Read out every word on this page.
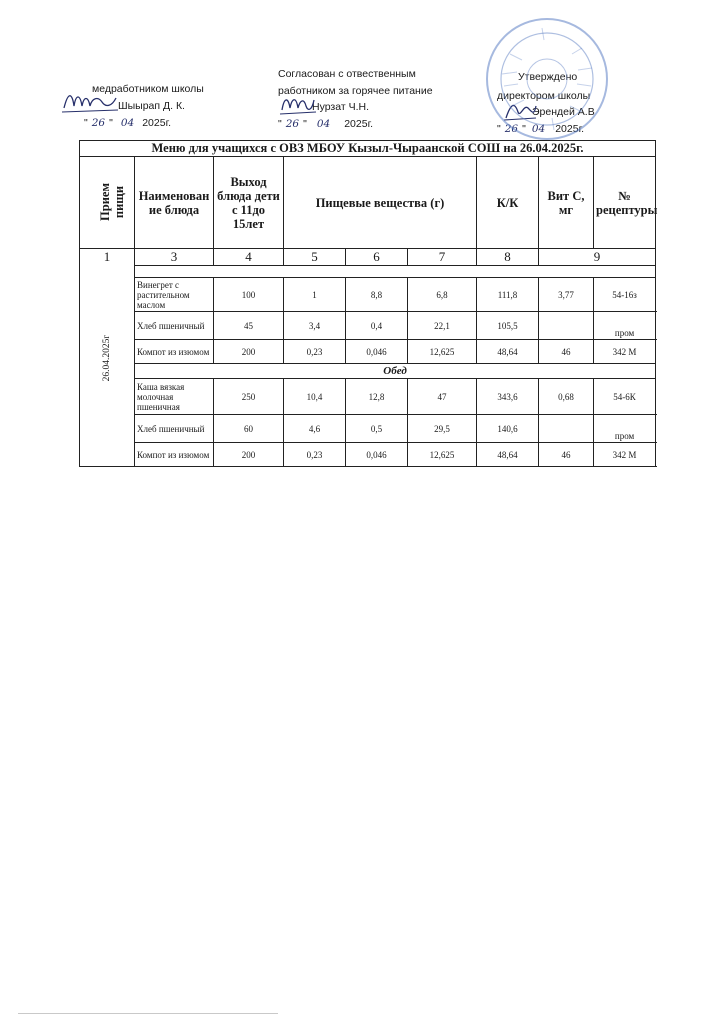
медработником школы
Шыырап Д. К.
" 26 " 04 2025г.
Согласован с отвественным
работником за горячее питание
Нурзат Ч.Н.
" 26 " 04 2025г.
Утверждено
директором школы
Эрендей А.В
" 26 " 04 2025г.
Меню для учащихся с ОВЗ МБОУ Кызыл-Чыраанской СОШ на 26.04.2025г.								
Прием пищи	Наименование блюда	Выход блюда дети с 11до 15лет	Пищевые вещества (г)			К/К	Вит С, мг	№ рецептуры

1
26.04.2025г	3	4	5	6	7	8	9	

	Винегрет с растительном маслом	100	1	8,8	6,8	111,8	3,77	54-16з
	Хлеб пшеничный	45	3,4	0,4	22,1	105,5		пром
	Компот из изюмом	200	0,23	0,046	12,625	48,64	46	342 М
	Обед							
	Каша вязкая молочная пшеничная	250	10,4	12,8	47	343,6	0,68	54-6К
	Хлеб пшеничный	60	4,6	0,5	29,5	140,6		пром
	Компот из изюмом	200	0,23	0,046	12,625	48,64	46	342 М
